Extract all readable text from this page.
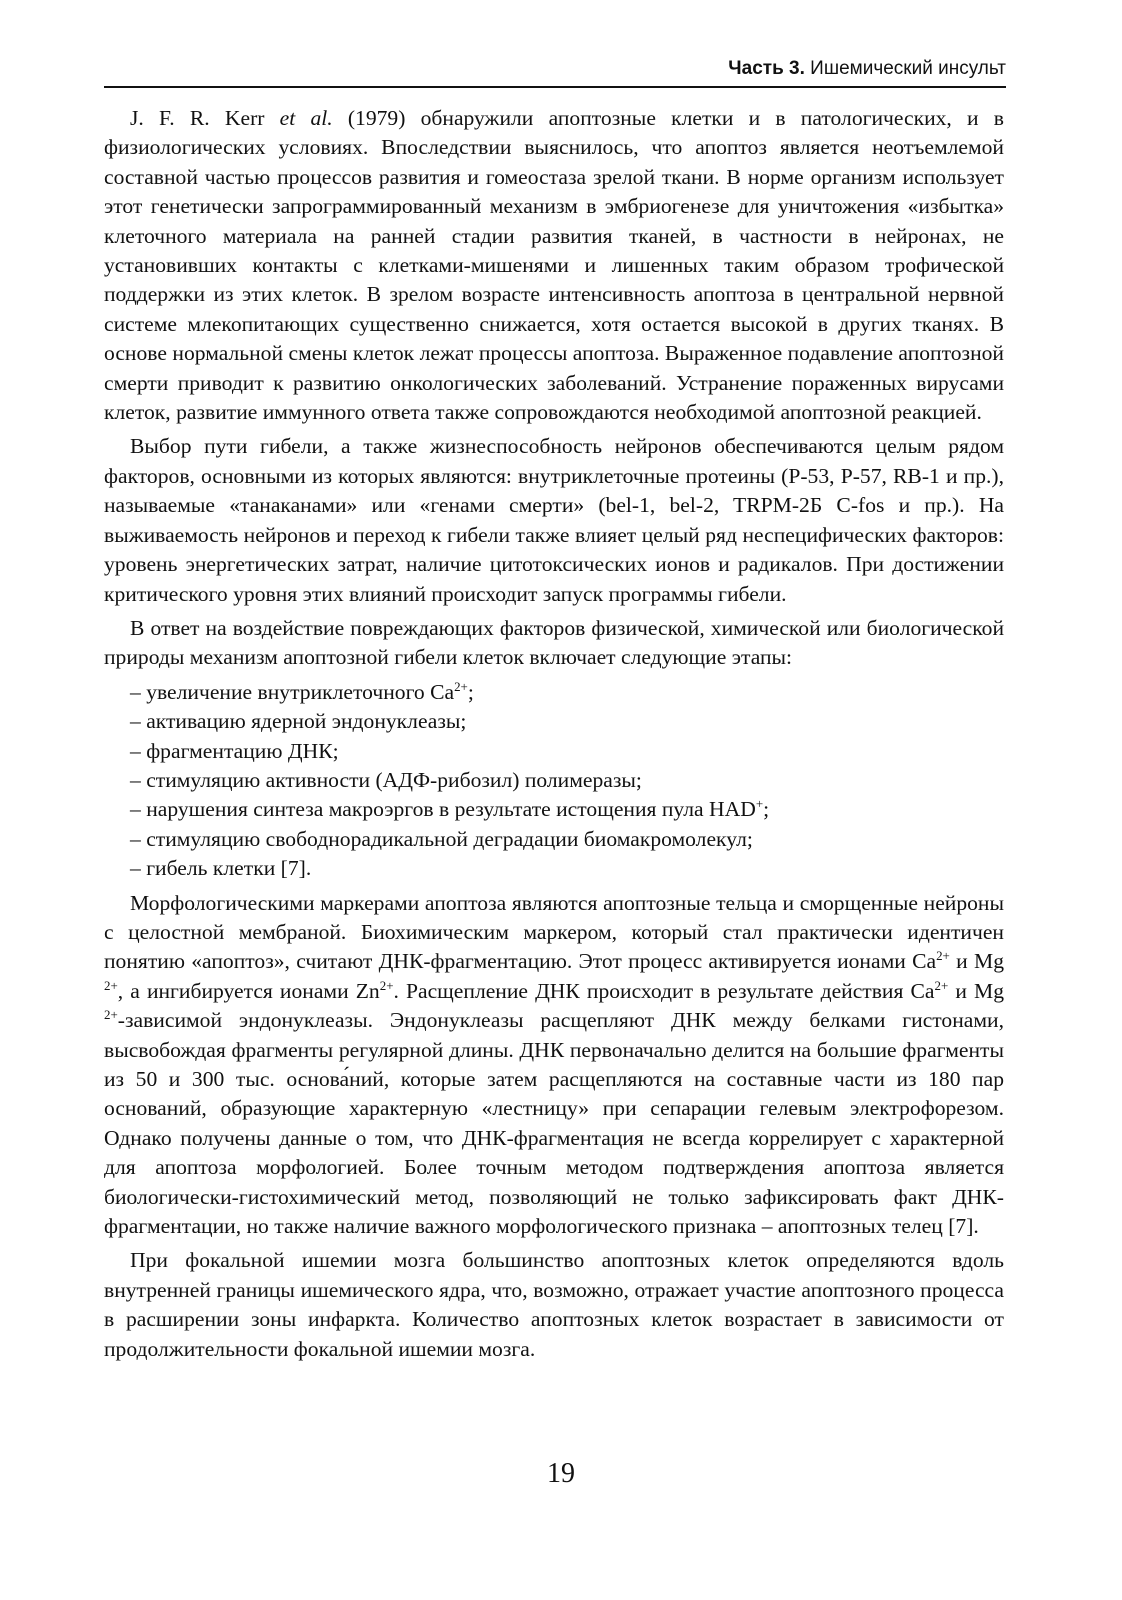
Часть 3. Ишемический инсульт

J. F. R. Kerr et al. (1979) обнаружили апоптозные клетки и в патологических, и в физиологических условиях. Впоследствии выяснилось, что апоптоз является неотъемлемой составной частью процессов развития и гомеостаза зрелой ткани. В норме организм использует этот генетически запрограммированный механизм в эмбриогенезе для уничтожения «избытка» клеточного материала на ранней стадии развития тканей, в частности в нейронах, не установивших контакты с клетками-мишенями и лишенных таким образом трофической поддержки из этих клеток. В зрелом возрасте интенсивность апоптоза в центральной нервной системе млекопитающих существенно снижается, хотя остается высокой в других тканях. В основе нормальной смены клеток лежат процессы апоптоза. Выраженное подавление апоптозной смерти приводит к развитию онкологических заболеваний. Устранение пораженных вирусами клеток, развитие иммунного ответа также сопровождаются необходимой апоптозной реакцией.

Выбор пути гибели, а также жизнеспособность нейронов обеспечиваются целым рядом факторов, основными из которых являются: внутриклеточные протеины (P-53, P-57, RB-1 и пр.), называемые «танаканами» или «генами смерти» (bel-1, bel-2, TRPM-2Б C-fos и пр.). На выживаемость нейронов и переход к гибели также влияет целый ряд неспецифических факторов: уровень энергетических затрат, наличие цитотоксических ионов и радикалов. При достижении критического уровня этих влияний происходит запуск программы гибели.

В ответ на воздействие повреждающих факторов физической, химической или биологической природы механизм апоптозной гибели клеток включает следующие этапы:

– увеличение внутриклеточного $Ca^{2+}$;
– активацию ядерной эндонуклеазы;
– фрагментацию ДНК;
– стимуляцию активности (АДФ-рибозил) полимеразы;
– нарушения синтеза макроэргов в результате истощения пула НАD+;
– стимуляцию свободнорадикальной деградации биомакромолекул;
– гибель клетки [7].

Морфологическими маркерами апоптоза являются апоптозные тельца и сморщенные нейроны с целостной мембраной. Биохимическим маркером, который стал практически идентичен понятию «апоптоз», считают ДНК-фрагментацию. Этот процесс активируется ионами $Ca^{2+}$ и Mg $^{2+}$, а ингибируется ионами $Zn^{2+}$. Расщепление ДНК происходит в результате действия $Ca^{2+}$ и Mg $^{2+}$-зависимой эндонуклеазы. Эндонуклеазы расщепляют ДНК между белками гистонами, высвобождая фрагменты регулярной длины. ДНК первоначально делится на большие фрагменты из 50 и 300 тыс. основа́ний, которые затем расщепляются на составные части из 180 пар оснований, образующие характерную «лестницу» при сепарации гелевым электрофорезом. Однако получены данные о том, что ДНК-фрагментация не всегда коррелирует с характерной для апоптоза морфологией. Более точным методом подтверждения апоптоза является биологически-гистохимический метод, позволяющий не только зафиксировать факт ДНК-фрагментации, но также наличие важного морфологического признака – апоптозных телец [7].

При фокальной ишемии мозга большинство апоптозных клеток определяются вдоль внутренней границы ишемического ядра, что, возможно, отражает участие апоптозного процесса в расширении зоны инфаркта. Количество апоптозных клеток возрастает в зависимости от продолжительности фокальной ишемии мозга.

19
